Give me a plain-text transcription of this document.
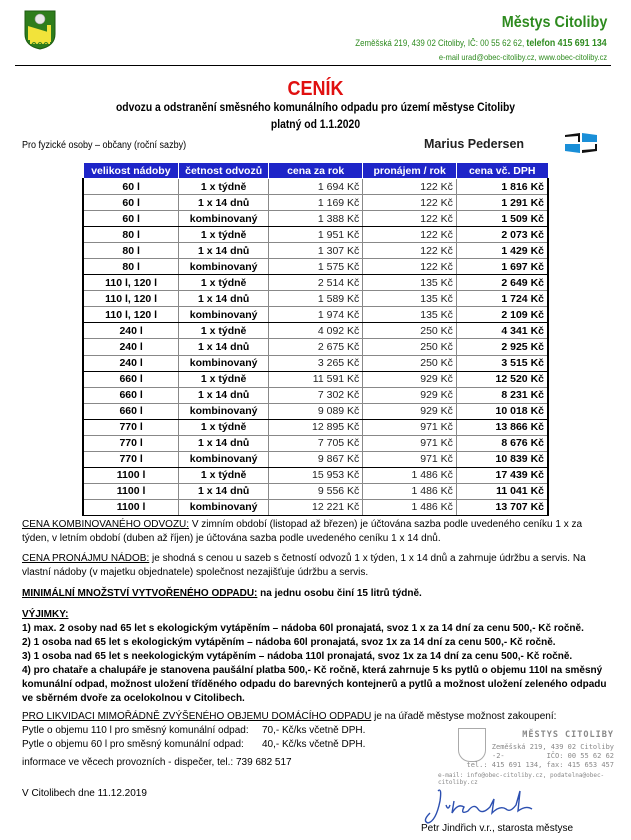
Městys Citoliby
Zeměšská 219, 439 02 Citoliby, IČ: 00 55 62 62, telefon 415 691 134
e-mail urad@obec-citoliby.cz, www.obec-citoliby.cz
CENÍK
odvozu a odstranění směsného komunálního odpadu pro území městyse Citoliby
platný od 1.1.2020
Pro fyzické osoby – občany (roční sazby)	Marius Pedersen
velikost nádoby	četnost odvozů	cena za rok	pronájem / rok	cena vč. DPH
60 l	1 x týdně	1 694 Kč	122 Kč	1 816 Kč
60 l	1 x 14 dnů	1 169 Kč	122 Kč	1 291 Kč
60 l	kombinovaný	1 388 Kč	122 Kč	1 509 Kč
80 l	1 x týdně	1 951 Kč	122 Kč	2 073 Kč
80 l	1 x 14 dnů	1 307 Kč	122 Kč	1 429 Kč
80 l	kombinovaný	1 575 Kč	122 Kč	1 697 Kč
110 l, 120 l	1 x týdně	2 514 Kč	135 Kč	2 649 Kč
110 l, 120 l	1 x 14 dnů	1 589 Kč	135 Kč	1 724 Kč
110 l, 120 l	kombinovaný	1 974 Kč	135 Kč	2 109 Kč
240 l	1 x týdně	4 092 Kč	250 Kč	4 341 Kč
240 l	1 x 14 dnů	2 675 Kč	250 Kč	2 925 Kč
240 l	kombinovaný	3 265 Kč	250 Kč	3 515 Kč
660 l	1 x týdně	11 591 Kč	929 Kč	12 520 Kč
660 l	1 x 14 dnů	7 302 Kč	929 Kč	8 231 Kč
660 l	kombinovaný	9 089 Kč	929 Kč	10 018 Kč
770 l	1 x týdně	12 895 Kč	971 Kč	13 866 Kč
770 l	1 x 14 dnů	7 705 Kč	971 Kč	8 676 Kč
770 l	kombinovaný	9 867 Kč	971 Kč	10 839 Kč
1100 l	1 x týdně	15 953 Kč	1 486 Kč	17 439 Kč
1100 l	1 x 14 dnů	9 556 Kč	1 486 Kč	11 041 Kč
1100 l	kombinovaný	12 221 Kč	1 486 Kč	13 707 Kč
CENA KOMBINOVANÉHO ODVOZU: V zimním období (listopad až březen) je účtována sazba podle uvedeného ceníku 1 x za týden, v letním období (duben až říjen) je účtována sazba podle uvedeného ceníku 1 x 14 dnů.
CENA PRONÁJMU NÁDOB: je shodná s cenou u sazeb s četností odvozů 1 x týden, 1 x 14 dnů a zahrnuje údržbu a servis. Na vlastní nádoby (v majetku objednatele) společnost nezajišťuje údržbu a servis.
MINIMÁLNÍ MNOŽSTVÍ VYTVOŘENÉHO ODPADU: na jednu osobu činí 15 litrů týdně.
VÝJIMKY:
1) max. 2 osoby nad 65 let s ekologickým vytápěním – nádoba 60l pronajatá, svoz 1 x za 14 dní za cenu 500,- Kč ročně.
2) 1 osoba nad 65 let s ekologickým vytápěním – nádoba 60l pronajatá, svoz 1x za 14 dní za cenu 500,- Kč ročně.
3) 1 osoba nad 65 let s neekologickým vytápěním – nádoba 110l pronajatá, svoz 1x za 14 dní za cenu 500,- Kč ročně.
4) pro chataře a chalupáře je stanovena paušální platba 500,- Kč ročně, která zahrnuje 5 ks pytlů o objemu 110l na směsný komunální odpad, možnost uložení tříděného odpadu do barevných kontejnerů a pytlů a možnost uložení zeleného odpadu ve sběrném dvoře za ocelokolnou v Citolibech.
PRO LIKVIDACI MIMOŘÁDNĚ ZVÝŠENÉHO OBJEMU DOMÁCÍHO ODPADU je na úřadě městyse možnost zakoupení:
Pytle o objemu 110 l pro směsný komunální odpad:	70,- Kč/ks včetně DPH.
Pytle o objemu 60 l pro směsný komunální odpad:	40,- Kč/ks včetně DPH.
informace ve věcech provozních - dispečer, tel.: 739 682 517
V Citolibech dne 11.12.2019
MĚSTYS CITOLIBY
Zeměšská 219, 439 02 Citoliby
-2-	IČO: 00 55 62 62
tel.: 415 691 134, fax: 415 653 457
e-mail: info@obec-citoliby.cz, podatelna@obec-citoliby.cz
Petr Jindřich v.r., starosta městyse
